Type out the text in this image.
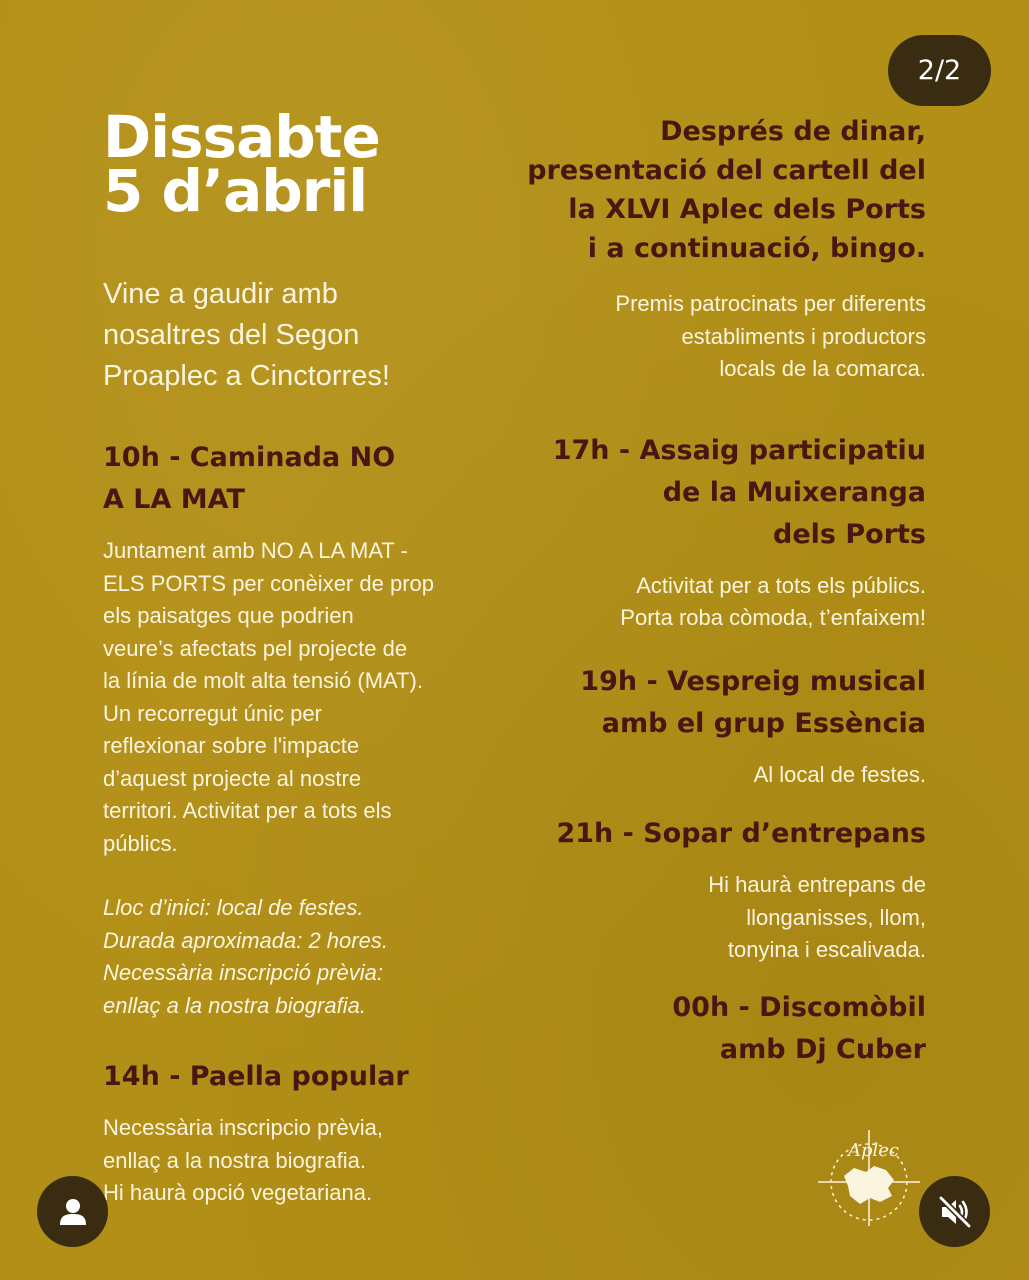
Dissabte
5 d’abril
Vine a gaudir amb
nosaltres del Segon
Proaplec a Cinctorres!
10h - Caminada NO
A LA MAT

Juntament amb NO A LA MAT -
ELS PORTS per conèixer de prop
els paisatges que podrien
veure’s afectats pel projecte de
la línia de molt alta tensió (MAT).
Un recorregut únic per
reflexionar sobre l'impacte
d’aquest projecte al nostre
territori. Activitat per a tots els
públics.

Lloc d’inici: local de festes.
Durada aproximada: 2 hores.
Necessària inscripció prèvia:
enllaç a la nostra biografia.

14h - Paella popular

Necessària inscripcio prèvia,
enllaç a la nostra biografia.
Hi haurà opció vegetariana.

Després de dinar,
presentació del cartell del
la XLVI Aplec dels Ports
i a continuació, bingo.

Premis patrocinats per diferents
establiments i productors
locals de la comarca.

17h - Assaig participatiu
de la Muixeranga
dels Ports

Activitat per a tots els públics.
Porta roba còmoda, t’enfaixem!

19h - Vespreig musical
amb el grup Essència

Al local de festes.

21h - Sopar d’entrepans

Hi haurà entrepans de
llonganisses, llom,
tonyina i escalivada.

00h - Discomòbil
amb Dj Cuber
2/2
Aplec
